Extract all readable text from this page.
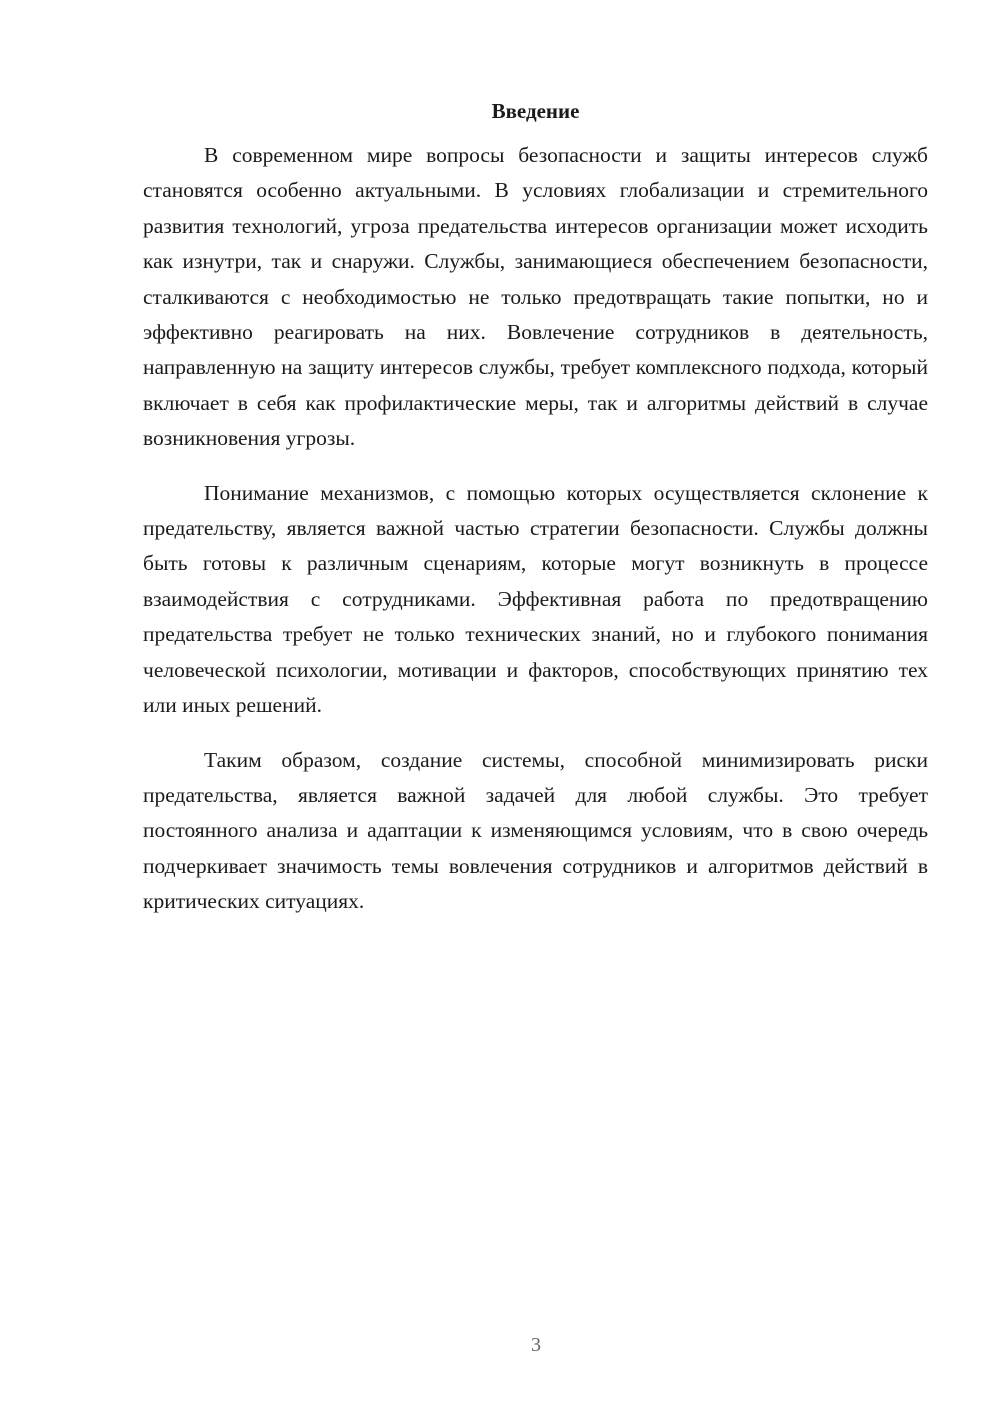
Введение

В современном мире вопросы безопасности и защиты интересов служб становятся особенно актуальными. В условиях глобализации и стремительного развития технологий, угроза предательства интересов организации может исходить как изнутри, так и снаружи. Службы, занимающиеся обеспечением безопасности, сталкиваются с необходимостью не только предотвращать такие попытки, но и эффективно реагировать на них. Вовлечение сотрудников в деятельность, направленную на защиту интересов службы, требует комплексного подхода, который включает в себя как профилактические меры, так и алгоритмы действий в случае возникновения угрозы.

Понимание механизмов, с помощью которых осуществляется склонение к предательству, является важной частью стратегии безопасности. Службы должны быть готовы к различным сценариям, которые могут возникнуть в процессе взаимодействия с сотрудниками. Эффективная работа по предотвращению предательства требует не только технических знаний, но и глубокого понимания человеческой психологии, мотивации и факторов, способствующих принятию тех или иных решений.

Таким образом, создание системы, способной минимизировать риски предательства, является важной задачей для любой службы. Это требует постоянного анализа и адаптации к изменяющимся условиям, что в свою очередь подчеркивает значимость темы вовлечения сотрудников и алгоритмов действий в критических ситуациях.

3
